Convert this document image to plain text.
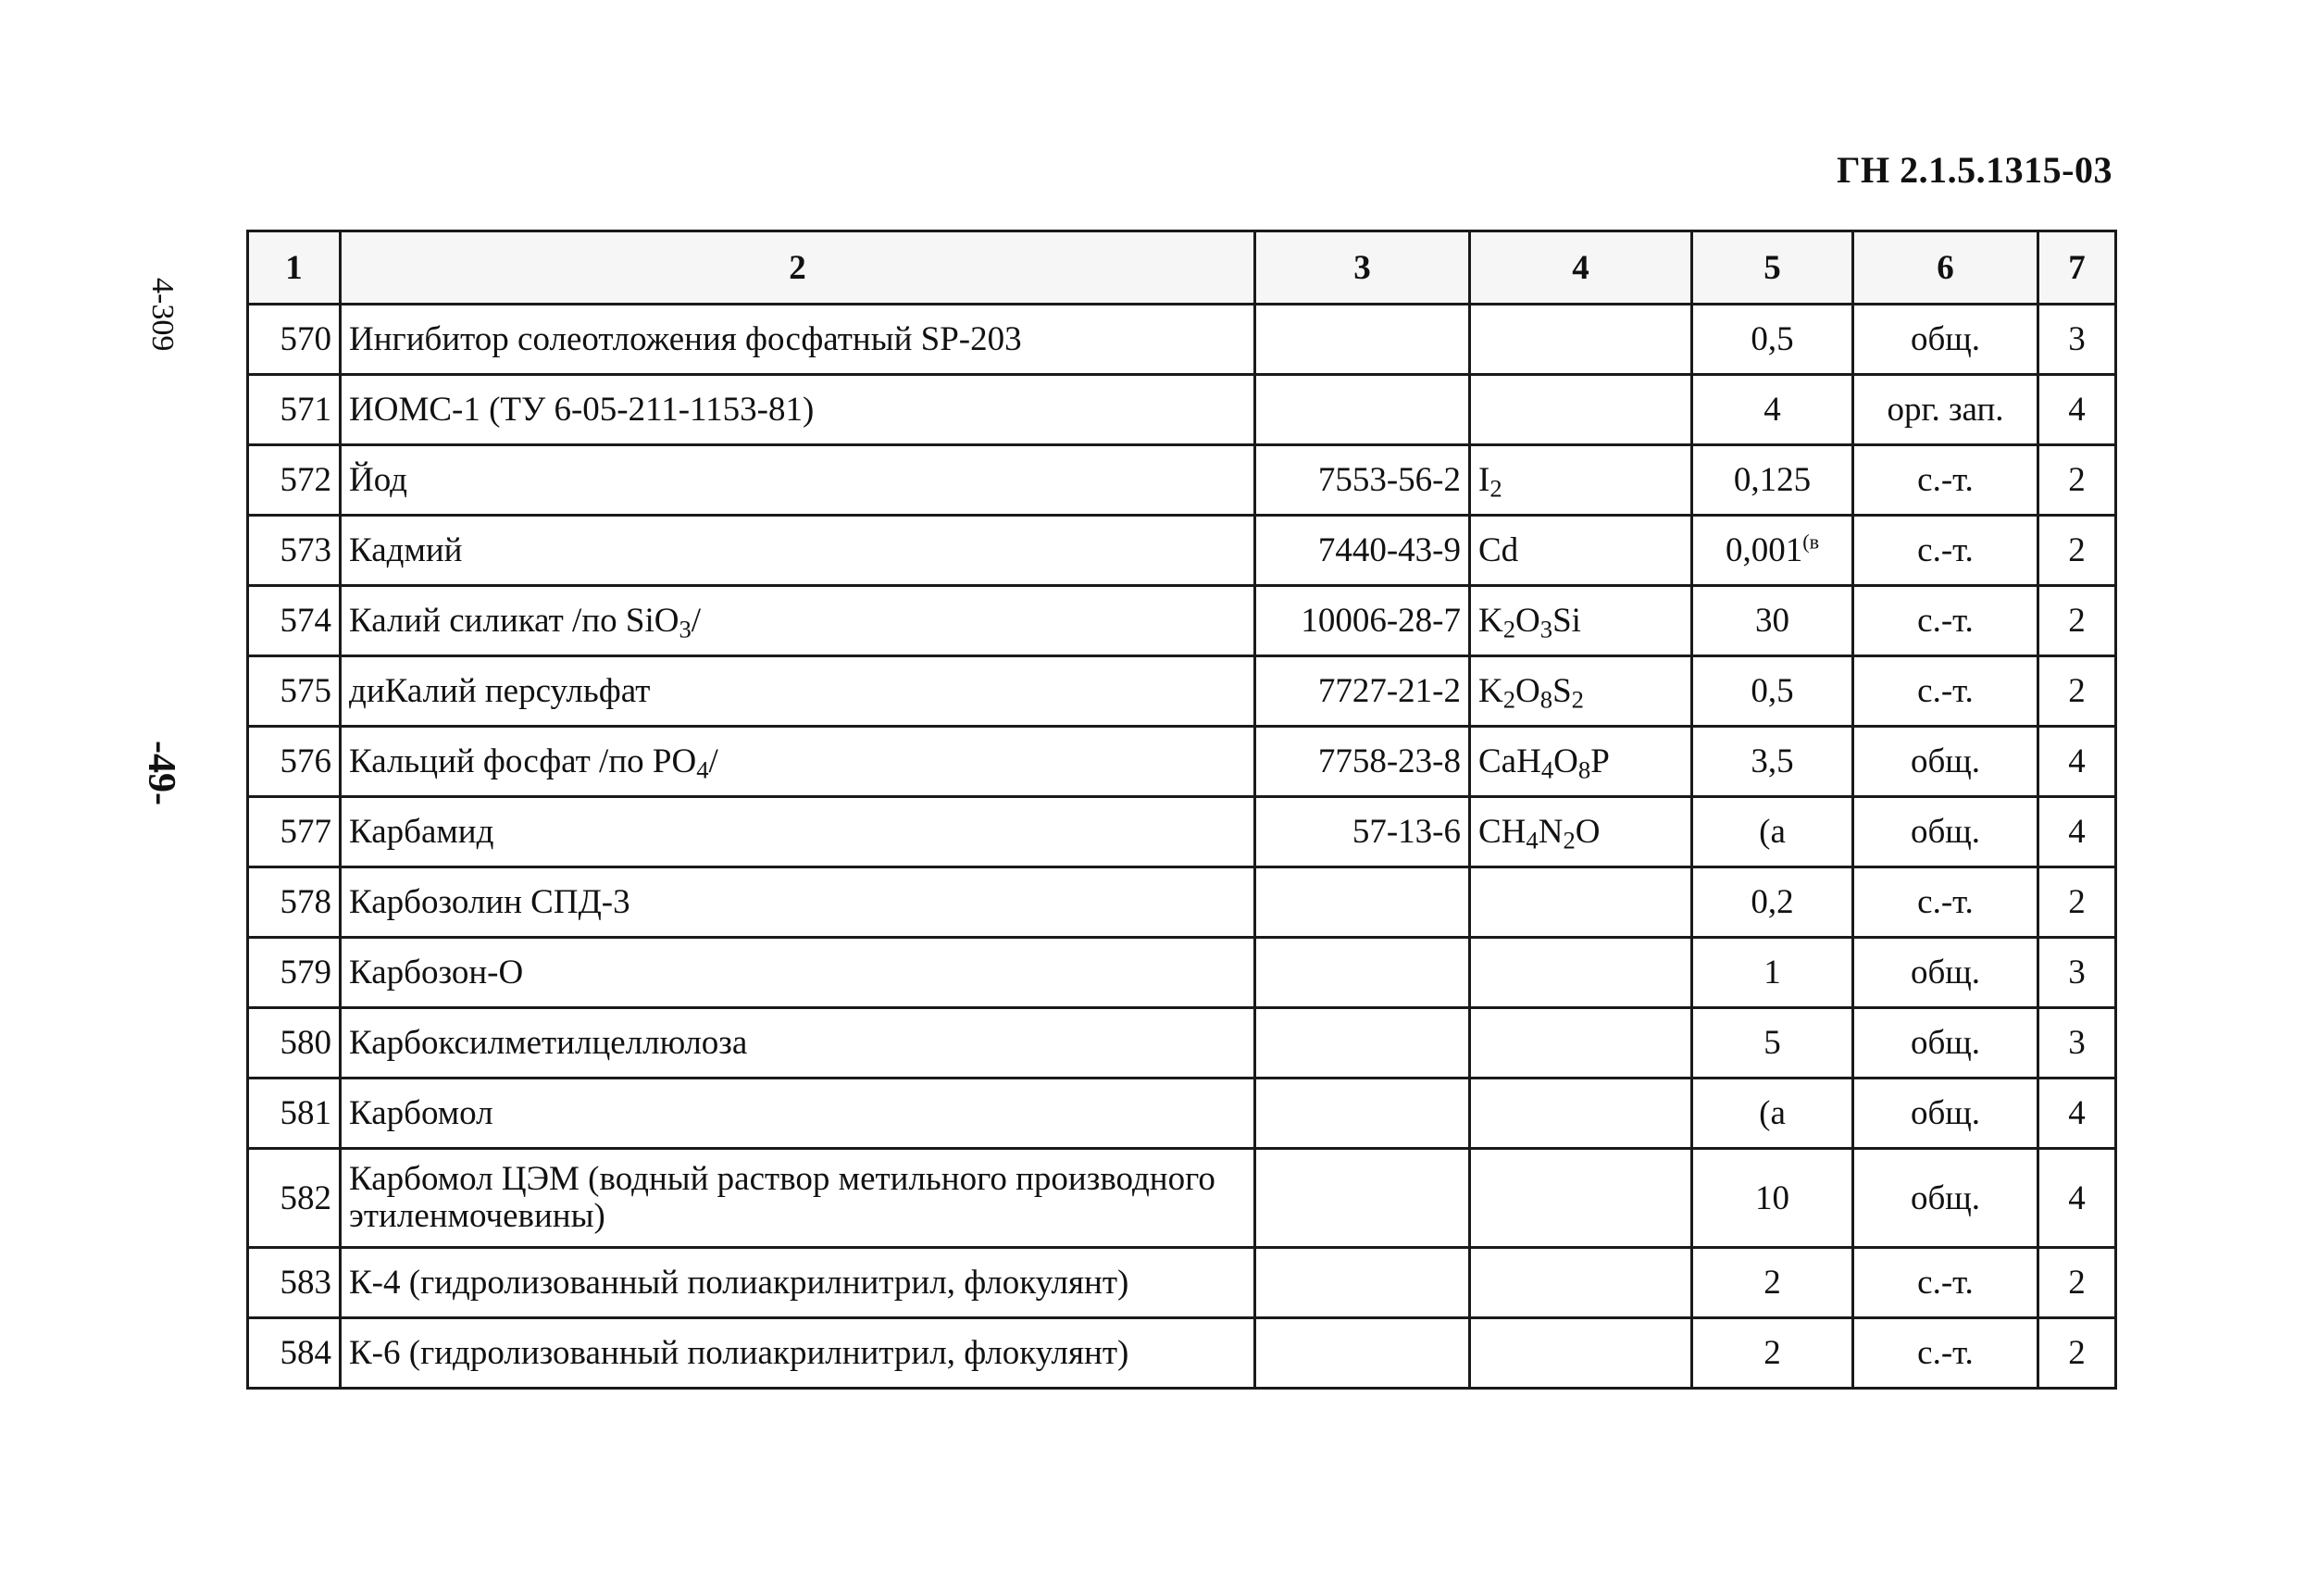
ГН 2.1.5.1315-03
4-309
-49-
1	2	3	4	5	6	7
570	Ингибитор солеотложения фосфатный SP-203			0,5	общ.	3
571	ИОМС-1 (ТУ 6-05-211-1153-81)			4	орг. зап.	4
572	Йод	7553-56-2	$I_2$	0,125	с.-т.	2
573	Кадмий	7440-43-9	Cd	$0,001^{(в}$	с.-т.	2
574	Калий силикат /по SiO$_3$/	10006-28-7	$K_2O_3Si$	30	с.-т.	2
575	диКалий персульфат	7727-21-2	$K_2O_8S_2$	0,5	с.-т.	2
576	Кальций фосфат /по $PO_4/$	7758-23-8	$CaH_4O_8P$	3,5	общ.	4
577	Карбамид	57-13-6	$CH_4N_2O$	(а	общ.	4
578	Карбозолин СПД-3			0,2	с.-т.	2
579	Карбозон-О			1	общ.	3
580	Карбоксилметилцеллюлоза			5	общ.	3
581	Карбомол			(а	общ.	4
582	Карбомол ЦЭМ (водный раствор метильного производного этиленмочевины)			10	общ.	4
583	К-4 (гидролизованный полиакрилнитрил, флокулянт)			2	с.-т.	2
584	К-6 (гидролизованный полиакрилнитрил, флокулянт)			2	с.-т.	2
